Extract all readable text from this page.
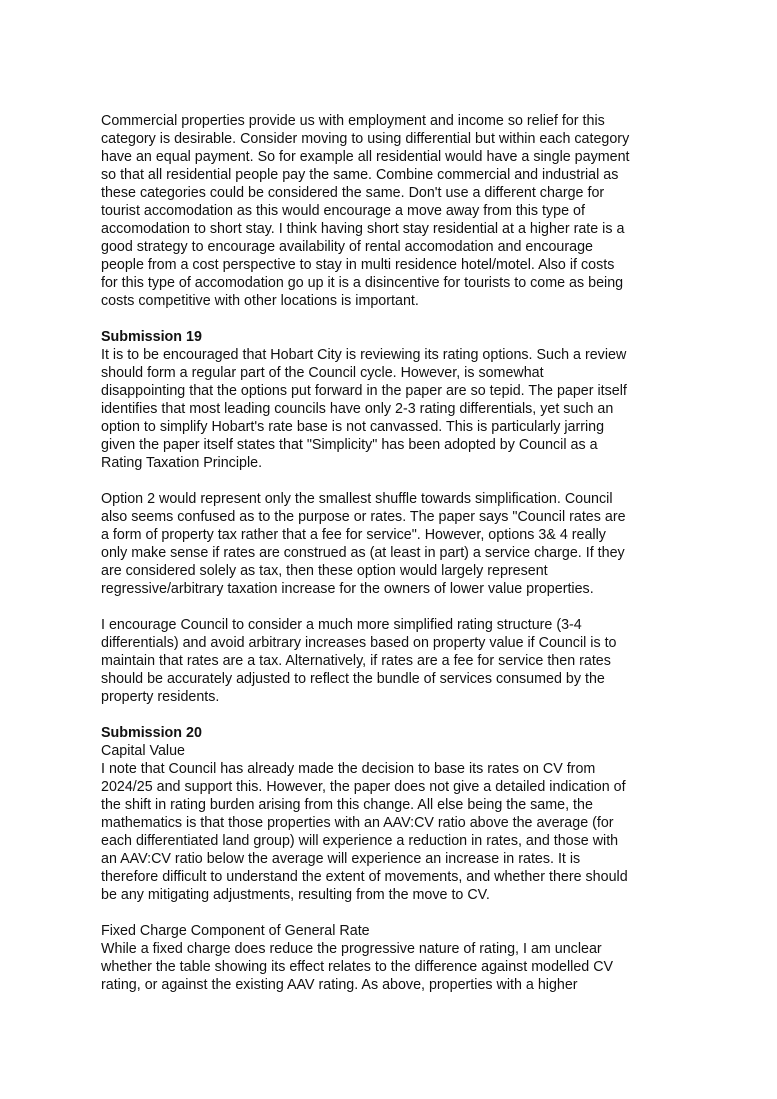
Commercial properties provide us with employment and income so relief for this
category is desirable. Consider moving to using differential but within each category
have an equal payment. So for example all residential would have a single payment
so that all residential people pay the same. Combine commercial and industrial as
these categories could be considered the same. Don't use a different charge for
tourist accomodation as this would encourage a move away from this type of
accomodation to short stay. I think having short stay residential at a higher rate is a
good strategy to encourage availability of rental accomodation and encourage
people from a cost perspective to stay in multi residence hotel/motel. Also if costs
for this type of accomodation go up it is a disincentive for tourists to come as being
costs competitive with other locations is important.
Submission 19
It is to be encouraged that Hobart City is reviewing its rating options. Such a review
should form a regular part of the Council cycle. However, is somewhat
disappointing that the options put forward in the paper are so tepid. The paper itself
identifies that most leading councils have only 2-3 rating differentials, yet such an
option to simplify Hobart's rate base is not canvassed. This is particularly jarring
given the paper itself states that "Simplicity" has been adopted by Council as a
Rating Taxation Principle.
Option 2 would represent only the smallest shuffle towards simplification. Council
also seems confused as to the purpose or rates. The paper says "Council rates are
a form of property tax rather that a fee for service". However, options 3& 4 really
only make sense if rates are construed as (at least in part) a service charge. If they
are considered solely as tax, then these option would largely represent
regressive/arbitrary taxation increase for the owners of lower value properties.
I encourage Council to consider a much more simplified rating structure (3-4
differentials) and avoid arbitrary increases based on property value if Council is to
maintain that rates are a tax. Alternatively, if rates are a fee for service then rates
should be accurately adjusted to reflect the bundle of services consumed by the
property residents.
Submission 20
Capital Value
I note that Council has already made the decision to base its rates on CV from
2024/25 and support this. However, the paper does not give a detailed indication of
the shift in rating burden arising from this change. All else being the same, the
mathematics is that those properties with an AAV:CV ratio above the average (for
each differentiated land group) will experience a reduction in rates, and those with
an AAV:CV ratio below the average will experience an increase in rates. It is
therefore difficult to understand the extent of movements, and whether there should
be any mitigating adjustments, resulting from the move to CV.
Fixed Charge Component of General Rate
While a fixed charge does reduce the progressive nature of rating, I am unclear
whether the table showing its effect relates to the difference against modelled CV
rating, or against the existing AAV rating. As above, properties with a higher
